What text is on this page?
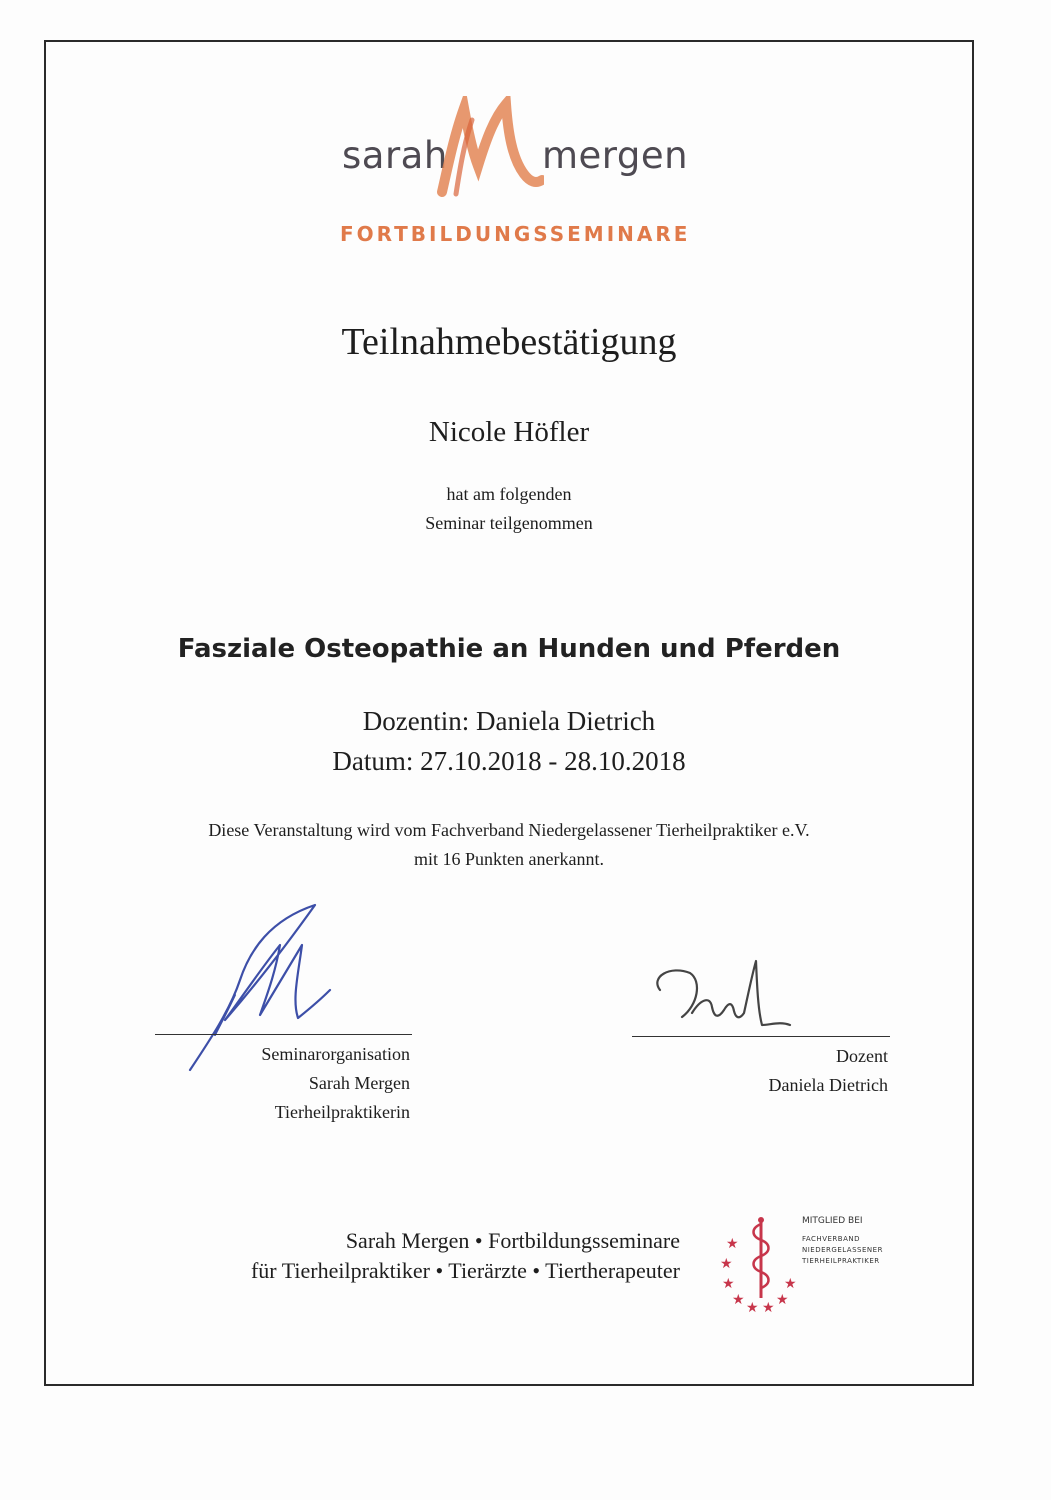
sarah	mergen
FORTBILDUNGSSEMINARE
Teilnahmebestätigung
Nicole Höfler
hat am folgenden
Seminar teilgenommen
Fasziale Osteopathie an Hunden und Pferden
Dozentin: Daniela Dietrich
Datum: 27.10.2018 - 28.10.2018
Diese Veranstaltung wird vom Fachverband Niedergelassener Tierheilpraktiker e.V.
mit 16 Punkten anerkannt.
Seminarorganisation
Sarah Mergen
Tierheilpraktikerin
Dozent
Daniela Dietrich
Sarah Mergen • Fortbildungsseminare
für Tierheilpraktiker • Tierärzte • Tiertherapeuter
★
★
★
★ ★ ★ ★
★
MITGLIED BEI
FACHVERBAND
NIEDERGELASSENER
TIERHEILPRAKTIKER
